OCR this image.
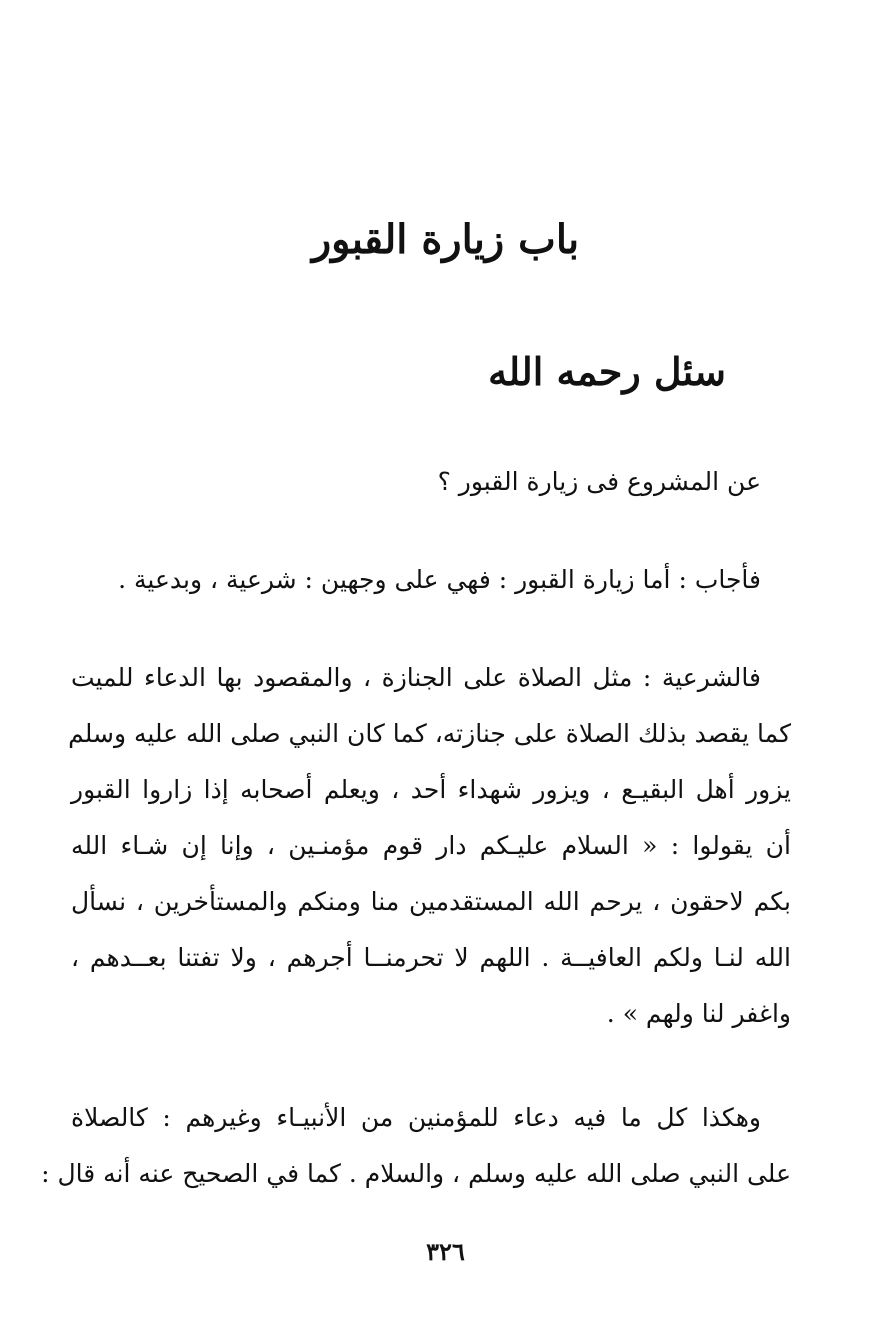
باب زيارة القبور
سئل رحمه الله
عن المشروع فى زيارة القبور ؟
فأجاب : أما زيارة القبور : فهي على وجهين : شرعية ، وبدعية .
فالشرعية : مثل الصلاة على الجنازة ، والمقصود بها الدعاء للميت
كما يقصد بذلك الصلاة على جنازته، كما كان النبي صلى الله عليه وسلم
يزور أهل البقيـع ، ويزور شهداء أحد ، ويعلم أصحابه إذا زاروا القبور
أن يقولوا : « السلام عليـكم دار قوم مؤمنـين ، وإنا إن شـاء الله
بكم لاحقون ، يرحم الله المستقدمين منا ومنكم والمستأخرين ، نسأل
الله لنـا ولكم العافيــة . اللهم لا تحرمنــا أجرهم ، ولا تفتنا بعــدهم ،
واغفر لنا ولهم » .
وهكذا كل ما فيه دعاء للمؤمنين من الأنبيـاء وغيرهم : كالصلاة
على النبي صلى الله عليه وسلم ، والسلام . كما في الصحيح عنه أنه قال :
٣٢٦
